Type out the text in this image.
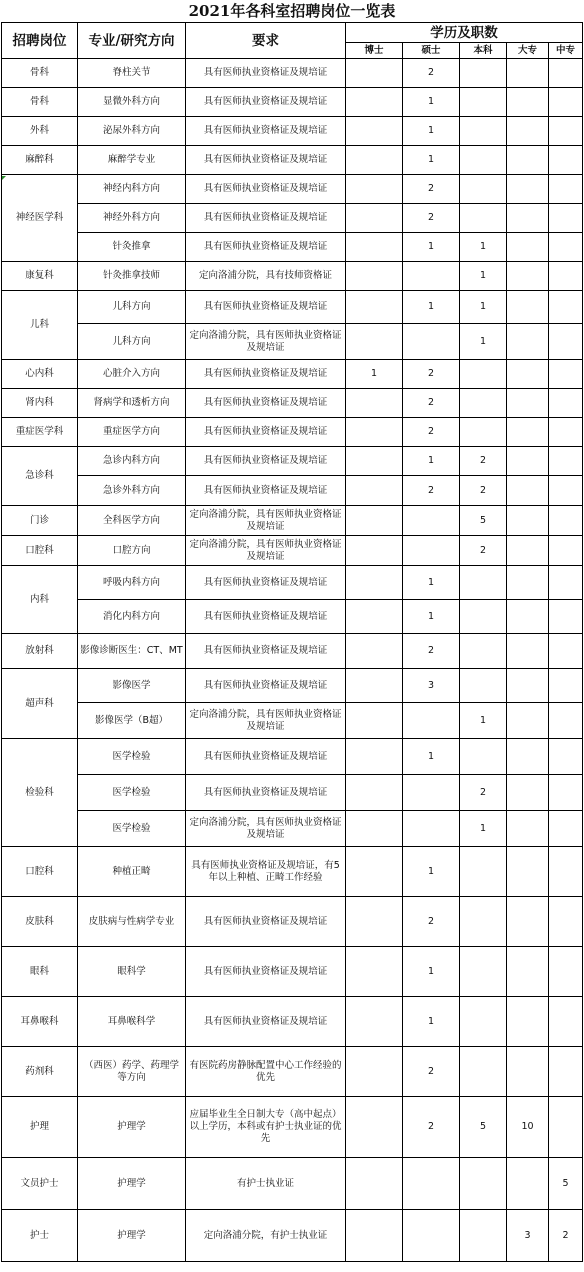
2021年各科室招聘岗位一览表
招聘岗位	专业/研究方向	要求	学历及职数				
			博士	硕士	本科	大专	中专
骨科	脊柱关节	具有医师执业资格证及规培证		2			
骨科	显微外科方向	具有医师执业资格证及规培证		1			
外科	泌尿外科方向	具有医师执业资格证及规培证		1			
麻醉科	麻醉学专业	具有医师执业资格证及规培证		1			
神经医学科	神经内科方向	具有医师执业资格证及规培证		2			
	神经外科方向	具有医师执业资格证及规培证		2			
	针灸推拿	具有医师执业资格证及规培证		1	1		
康复科	针灸推拿技师	定向洛浦分院，具有技师资格证			1		
儿科	儿科方向	具有医师执业资格证及规培证		1	1		
	儿科方向	定向洛浦分院，具有医师执业资格证及规培证			1		
心内科	心脏介入方向	具有医师执业资格证及规培证	1	2			
肾内科	肾病学和透析方向	具有医师执业资格证及规培证		2			
重症医学科	重症医学方向	具有医师执业资格证及规培证		2			
急诊科	急诊内科方向	具有医师执业资格证及规培证		1	2		
	急诊外科方向	具有医师执业资格证及规培证		2	2		
门诊	全科医学方向	定向洛浦分院，具有医师执业资格证及规培证			5		
口腔科	口腔方向	定向洛浦分院，具有医师执业资格证及规培证			2		
内科	呼吸内科方向	具有医师执业资格证及规培证		1			
	消化内科方向	具有医师执业资格证及规培证		1			
放射科	影像诊断医生：CT、MT	具有医师执业资格证及规培证		2			
超声科	影像医学	具有医师执业资格证及规培证		3			
	影像医学（B超）	定向洛浦分院，具有医师执业资格证及规培证			1		
检验科	医学检验	具有医师执业资格证及规培证		1			
	医学检验	具有医师执业资格证及规培证			2		
	医学检验	定向洛浦分院，具有医师执业资格证及规培证			1		
口腔科	种植正畸	具有医师执业资格证及规培证，有5年以上种植、正畸工作经验		1			
皮肤科	皮肤病与性病学专业	具有医师执业资格证及规培证		2			
眼科	眼科学	具有医师执业资格证及规培证		1			
耳鼻喉科	耳鼻喉科学	具有医师执业资格证及规培证		1			
药剂科	（西医）药学、药理学等方向	有医院药房静脉配置中心工作经验的优先		2			
护理	护理学	应届毕业生全日制大专（高中起点）以上学历，本科或有护士执业证的优先		2	5	10	
文员护士	护理学	有护士执业证					5
护士	护理学	定向洛浦分院，有护士执业证				3	2
